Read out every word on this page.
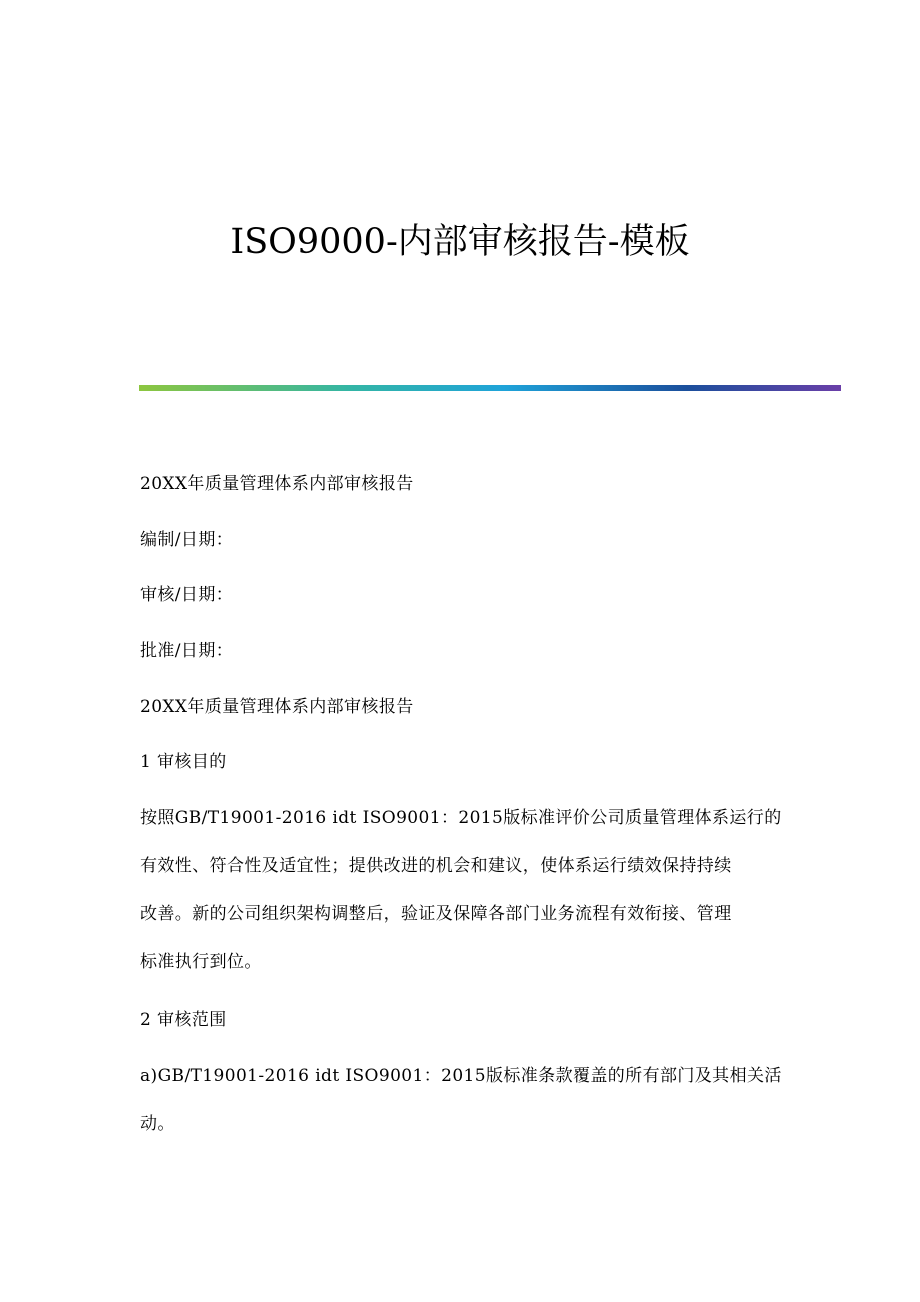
ISO9000-内部审核报告-模板
20XX年质量管理体系内部审核报告
编制/日期：
审核/日期：
批准/日期：
20XX年质量管理体系内部审核报告
1 审核目的
按照GB/T19001-2016 idt ISO9001：2015版标准评价公司质量管理体系运行的
有效性、符合性及适宜性；提供改进的机会和建议，使体系运行绩效保持持续
改善。新的公司组织架构调整后，验证及保障各部门业务流程有效衔接、管理
标准执行到位。
2 审核范围
a)GB/T19001-2016 idt ISO9001：2015版标准条款覆盖的所有部门及其相关活
动。
